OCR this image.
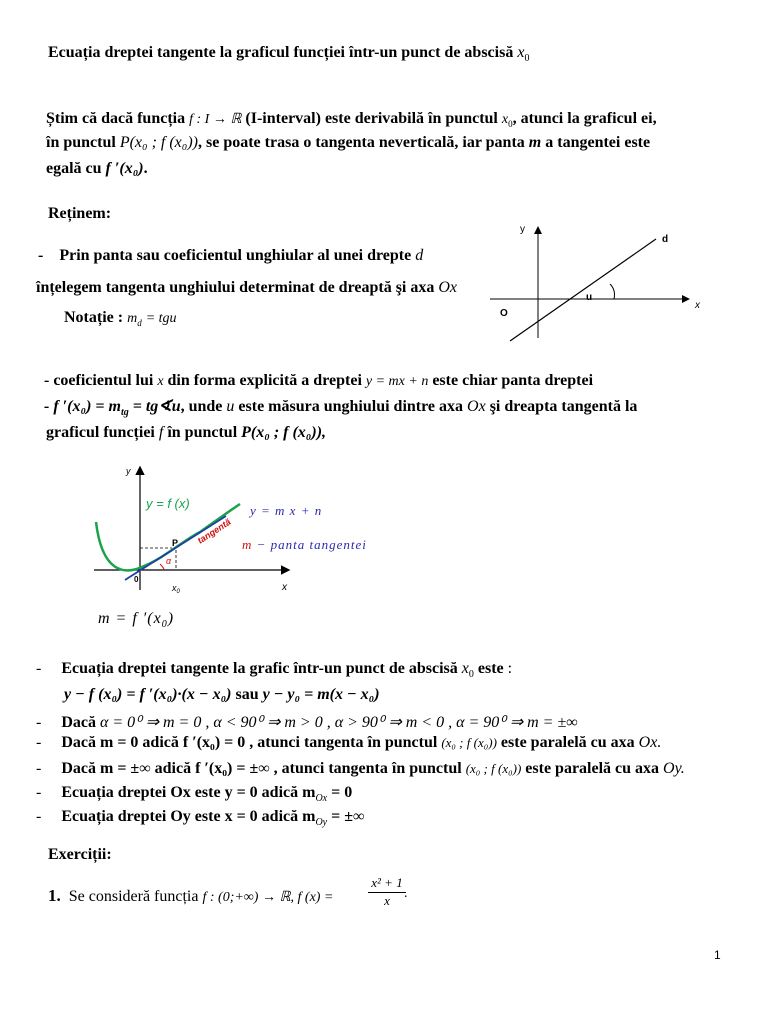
Ecuația dreptei tangente la graficul funcției într-un punct de abscisă $x_0$
Știm că dacă funcția f : I → ℝ (I-interval) este derivabilă în punctul $x_0$, atunci la graficul ei,
în punctul P(x₀ ; f (x₀)), se poate trasa o tangenta neverticală, iar panta m a tangentei este
egală cu f ′(x₀).
Reținem:
- Prin panta sau coeficientul unghiular al unei drepte d
înțelegem tangenta unghiului determinat de dreaptă şi axa Ox
Notație : $m_d$ = tgu
y
x
d
u
O
- coeficientul lui x din forma explicită a dreptei y = mx + n este chiar panta dreptei
- f $'(x_0) = m_{tg}$ = tg∢u, unde u este măsura unghiului dintre axa Ox şi dreapta tangentă la
graficul funcției f în punctul P(x₀ ; f (x₀)),
y
x
y = f (x)
tangentă
P
α
0
$x_0$
y = m x + n
m − panta tangentei
m = f $'(x_0)$
- Ecuația dreptei tangente la grafic într-un punct de abscisă $x_0$ este :
y − f (x₀) = f ′(x₀)·(x − x₀) sau y − y₀ = m(x − x₀)
- Dacă α = 0⁰ ⇒ m = 0 , α < 90⁰ ⇒ m > 0 , α > 90⁰ ⇒ m < 0 , α = 90⁰ ⇒ m = ±∞
- Dacă m = 0 adică f ′(x₀) = 0 , atunci tangenta în punctul (x₀ ; f (x₀)) este paralelă cu axa Ox.
- Dacă m = ±∞ adică f ′(x₀) = ±∞ , atunci tangenta în punctul (x₀ ; f (x₀)) este paralelă cu axa Oy.
- Ecuația dreptei Ox este y = 0 adică $m_{Ox} = 0$
- Ecuația dreptei Oy este x = 0 adică $m_{Oy}$ = ±∞
Exerciții:
1. Se consideră funcția f : (0;+∞) → ℝ, f (x) =	$\frac{\text{x² + 1}}{x}$
.
1
